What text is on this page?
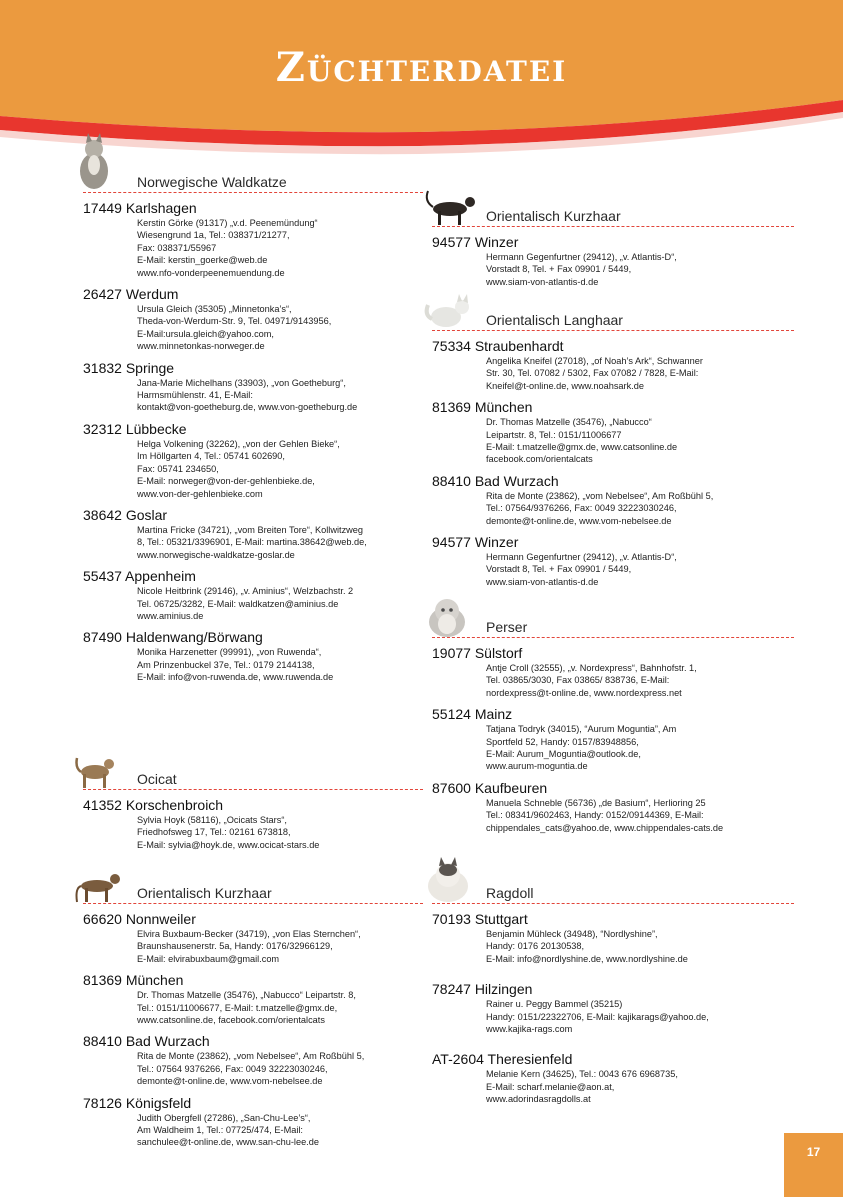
Züchterdatei
Norwegische Waldkatze
17449 Karlshagen
Kerstin Görke (91317) „v.d. Peenemündung“
Wiesengrund 1a, Tel.: 038371/21277,
Fax: 038371/55967
E-Mail: kerstin_goerke@web.de
www.nfo-vonderpeenemuendung.de
26427 Werdum
Ursula Gleich (35305) „Minnetonka’s“,
Theda-von-Werdum-Str. 9, Tel. 04971/9143956,
E-Mail:ursula.gleich@yahoo.com,
www.minnetonkas-norweger.de
31832 Springe
Jana-Marie Michelhans (33903), „von Goetheburg“,
Harmsmühlenstr. 41, E-Mail:
kontakt@von-goetheburg.de, www.von-goetheburg.de
32312 Lübbecke
Helga Volkening (32262), „von der Gehlen Bieke“,
Im Höllgarten 4, Tel.: 05741 602690,
Fax: 05741 234650,
E-Mail: norweger@von-der-gehlenbieke.de,
www.von-der-gehlenbieke.com
38642 Goslar
Martina Fricke (34721), „vom Breiten Tore“, Kollwitzweg
8, Tel.: 05321/3396901, E-Mail: martina.38642@web.de,
www.norwegische-waldkatze-goslar.de
55437 Appenheim
Nicole Heitbrink (29146), „v. Aminius“, Welzbachstr. 2
Tel. 06725/3282, E-Mail: waldkatzen@aminius.de
www.aminius.de
87490 Haldenwang/Börwang
Monika Harzenetter (99991), „von Ruwenda“,
Am Prinzenbuckel 37e, Tel.: 0179 2144138,
E-Mail: info@von-ruwenda.de, www.ruwenda.de
Ocicat
41352 Korschenbroich
Sylvia Hoyk (58116), „Ocicats Stars“,
Friedhofsweg 17, Tel.: 02161 673818,
E-Mail: sylvia@hoyk.de, www.ocicat-stars.de
Orientalisch Kurzhaar
66620 Nonnweiler
Elvira Buxbaum-Becker (34719), „von Elas Sternchen“,
Braunshausenerstr. 5a, Handy: 0176/32966129,
E-Mail: elvirabuxbaum@gmail.com
81369 München
Dr. Thomas Matzelle (35476), „Nabucco“ Leipartstr. 8,
Tel.: 0151/11006677, E-Mail: t.matzelle@gmx.de,
www.catsonline.de, facebook.com/orientalcats
88410 Bad Wurzach
Rita de Monte (23862), „vom Nebelsee“, Am Roßbühl 5,
Tel.: 07564 9376266, Fax: 0049 32223030246,
demonte@t-online.de, www.vom-nebelsee.de
78126 Königsfeld
Judith Obergfell (27286), „San-Chu-Lee’s“,
Am Waldheim 1, Tel.: 07725/474, E-Mail:
sanchulee@t-online.de, www.san-chu-lee.de
Orientalisch Kurzhaar
94577 Winzer
Hermann Gegenfurtner (29412), „v. Atlantis-D“,
Vorstadt 8, Tel. + Fax 09901 / 5449,
www.siam-von-atlantis-d.de
Orientalisch Langhaar
75334 Straubenhardt
Angelika Kneifel (27018), „of Noah’s Ark“, Schwanner
Str. 30, Tel. 07082 / 5302, Fax 07082 / 7828, E-Mail:
Kneifel@t-online.de, www.noahsark.de
81369 München
Dr. Thomas Matzelle (35476), „Nabucco“
Leipartstr. 8, Tel.: 0151/11006677
E-Mail: t.matzelle@gmx.de, www.catsonline.de
facebook.com/orientalcats
88410 Bad Wurzach
Rita de Monte (23862), „vom Nebelsee“, Am Roßbühl 5,
Tel.: 07564/9376266, Fax: 0049 32223030246,
demonte@t-online.de, www.vom-nebelsee.de
94577 Winzer
Hermann Gegenfurtner (29412), „v. Atlantis-D“,
Vorstadt 8, Tel. + Fax 09901 / 5449,
www.siam-von-atlantis-d.de
Perser
19077 Sülstorf
Antje Croll (32555), „v. Nordexpress“, Bahnhofstr. 1,
Tel. 03865/3030, Fax 03865/ 838736, E-Mail:
nordexpress@t-online.de, www.nordexpress.net
55124 Mainz
Tatjana Todryk (34015), “Aurum Moguntia”, Am
Sportfeld 52, Handy: 0157/83948856,
E-Mail: Aurum_Moguntia@outlook.de,
www.aurum-moguntia.de
87600 Kaufbeuren
Manuela Schneble (56736) „de Basium“, Herlioring 25
Tel.: 08341/9602463, Handy: 0152/09144369, E-Mail:
chippendales_cats@yahoo.de, www.chippendales-cats.de
Ragdoll
70193 Stuttgart
Benjamin Mühleck (34948), “Nordlyshine”,
Handy: 0176 20130538,
E-Mail: info@nordlyshine.de, www.nordlyshine.de
78247 Hilzingen
Rainer u. Peggy Bammel (35215)
Handy: 0151/22322706, E-Mail: kajikarags@yahoo.de,
www.kajika-rags.com
AT-2604 Theresienfeld
Melanie Kern (34625), Tel.: 0043 676 6968735,
E-Mail: scharf.melanie@aon.at,
www.adorindasragdolls.at
17
